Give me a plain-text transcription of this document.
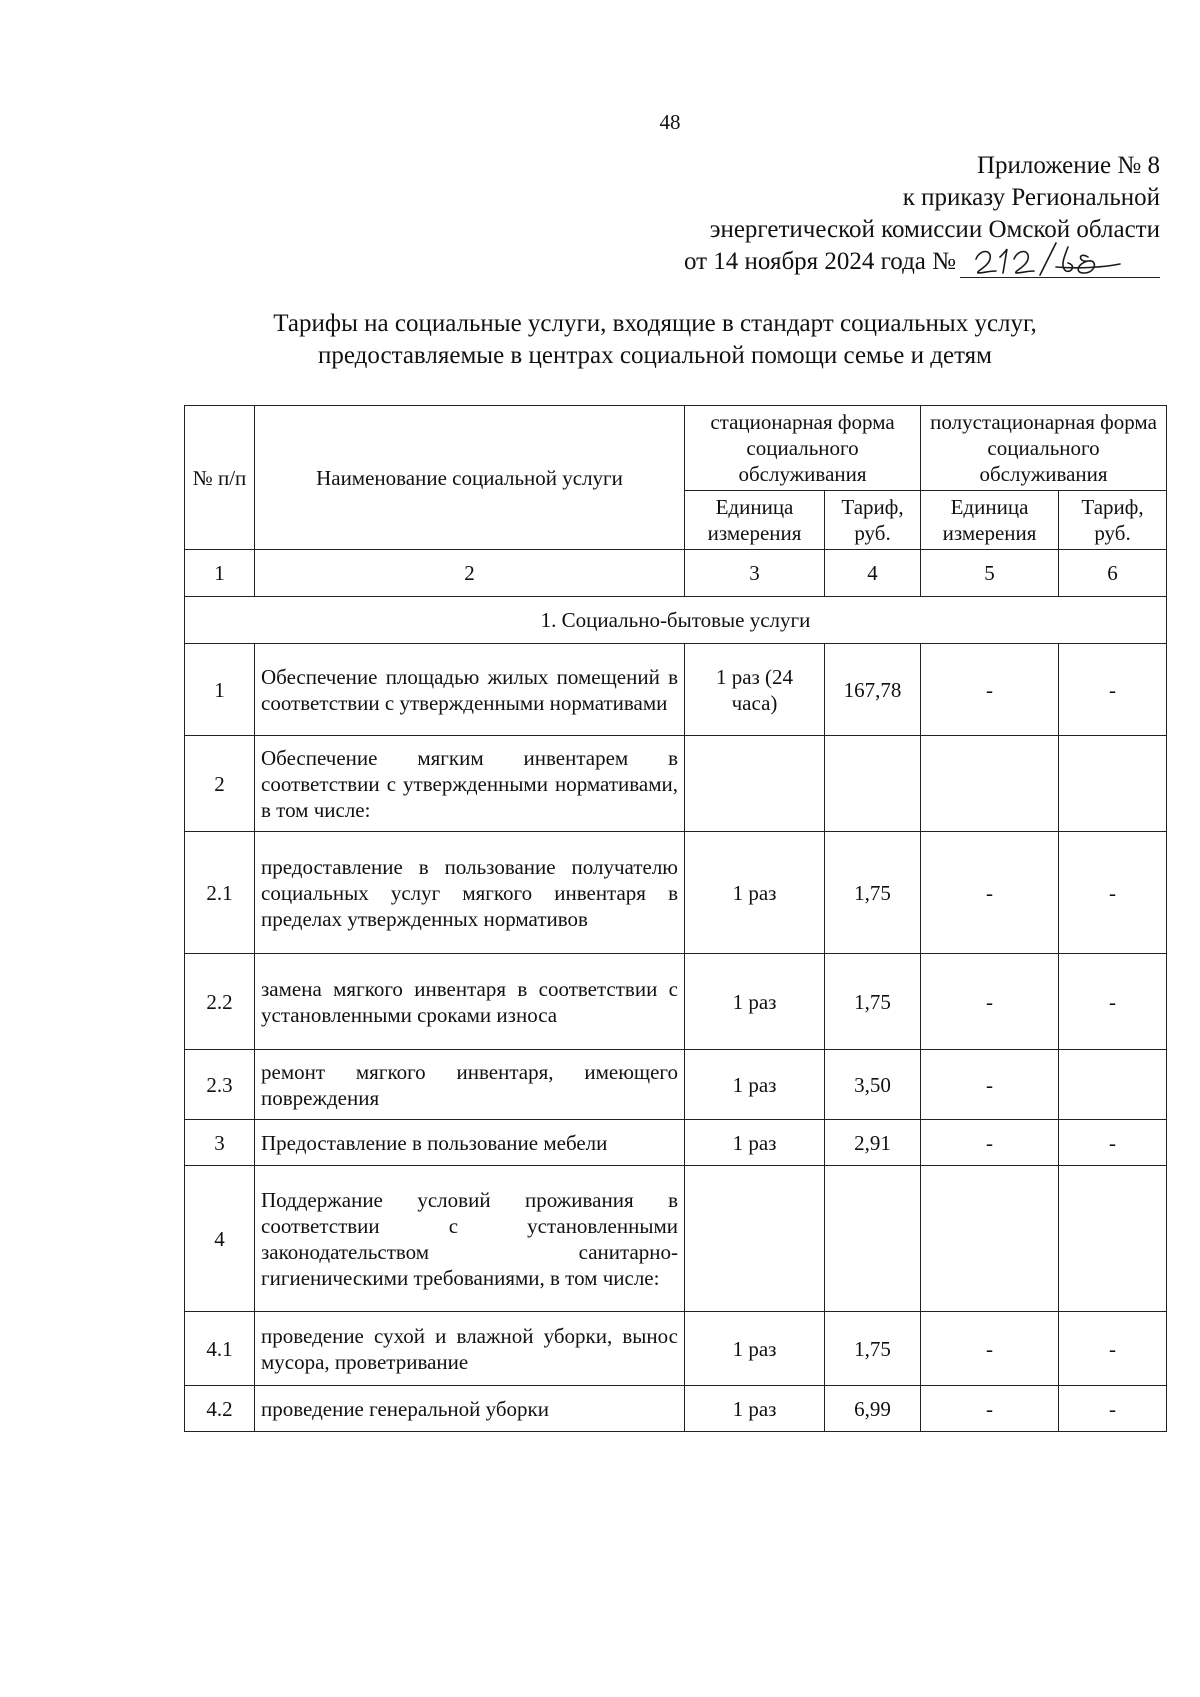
48
Приложение № 8
к приказу Региональной
энергетической комиссии Омской области
от 14 ноября 2024 года №
Тарифы на социальные услуги, входящие в стандарт социальных услуг,
предоставляемые в центрах социальной помощи семье и детям
№ п/п	Наименование социальной услуги	стационарная форма социального обслуживания		полустационарная форма социального обслуживания	
		Единица измерения	Тариф, руб.	Единица измерения	Тариф, руб.
1	2	3	4	5	6
1. Социально-бытовые услуги					
1	Обеспечение площадью жилых помещений в соответствии с утвержденными нормативами	1 раз (24 часа)	167,78	-	-
2	Обеспечение мягким инвентарем в соответствии с утвержденными нормативами, в том числе:				
2.1	предоставление в пользование получателю социальных услуг мягкого инвентаря в пределах утвержденных нормативов	1 раз	1,75	-	-
2.2	замена мягкого инвентаря в соответствии с установленными сроками износа	1 раз	1,75	-	-
2.3	ремонт мягкого инвентаря, имеющего повреждения	1 раз	3,50	-	
3	Предоставление в пользование мебели	1 раз	2,91	-	-
4	Поддержание условий проживания в соответствии с установленными законодательством санитарно-гигиеническими требованиями, в том числе:				
4.1	проведение сухой и влажной уборки, вынос мусора, проветривание	1 раз	1,75	-	-
4.2	проведение генеральной уборки	1 раз	6,99	-	-
